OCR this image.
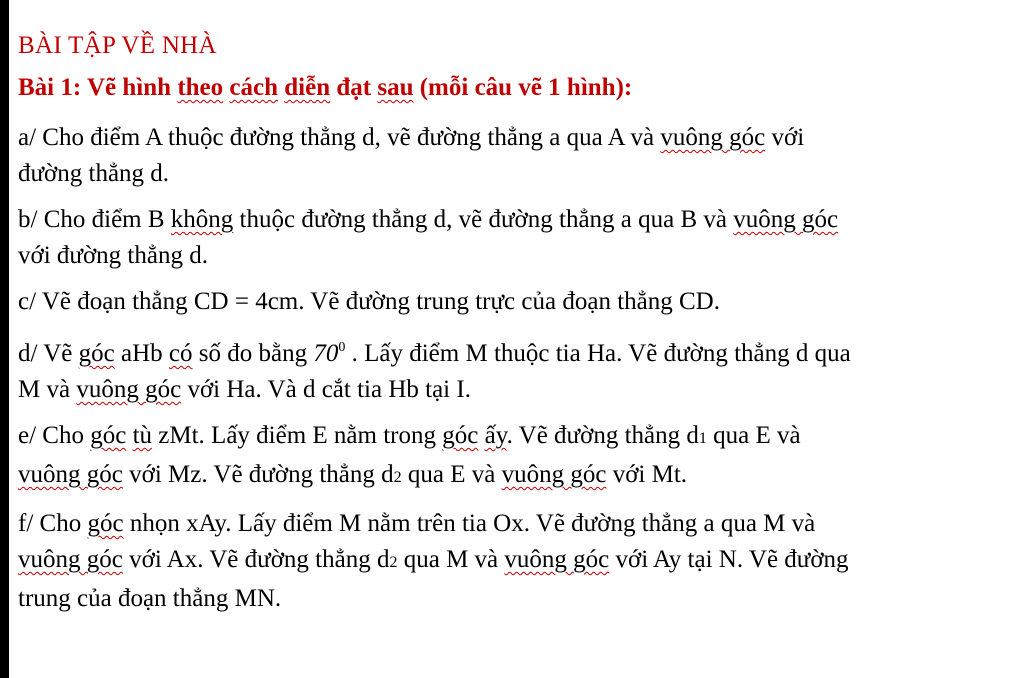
BÀI TẬP VỀ NHÀ
Bài 1: Vẽ hình theo cách diễn đạt sau (mỗi câu vẽ 1 hình):
a/ Cho điểm A thuộc đường thẳng d, vẽ đường thẳng a qua A và vuông góc với
đường thẳng d.
b/ Cho điểm B không thuộc đường thẳng d, vẽ đường thẳng a qua B và vuông góc
với đường thẳng d.
c/ Vẽ đoạn thẳng CD = 4cm. Vẽ đường trung trực của đoạn thẳng CD.
d/ Vẽ góc aHb có số đo bằng $70^0$ . Lấy điểm M thuộc tia Ha. Vẽ đường thẳng d qua
M và vuông góc với Ha. Và d cắt tia Hb tại I.
e/ Cho góc tù zMt. Lấy điểm E nằm trong góc ấy. Vẽ đường thẳng d1 qua E và
vuông góc với Mz. Vẽ đường thẳng d2 qua E và vuông góc với Mt.
f/ Cho góc nhọn xAy. Lấy điểm M nằm trên tia Ox. Vẽ đường thẳng a qua M và
vuông góc với Ax. Vẽ đường thẳng d2 qua M và vuông góc với Ay tại N. Vẽ đường
trung của đoạn thẳng MN.
